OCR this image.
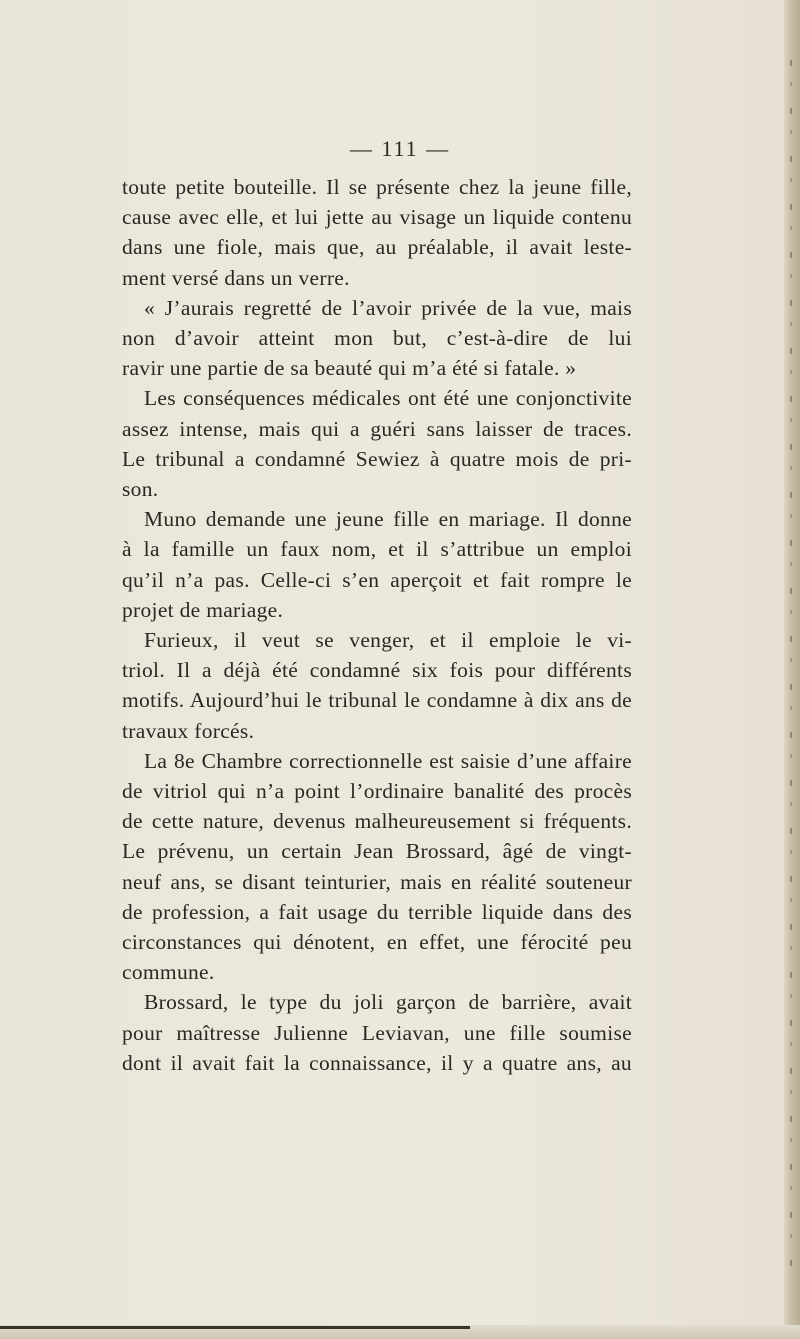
— 111 —

toute petite bouteille. Il se présente chez la jeune fille,
cause avec elle, et lui jette au visage un liquide contenu
dans une fiole, mais que, au préalable, il avait leste-
ment versé dans un verre.

« J’aurais regretté de l’avoir privée de la vue, mais
non d’avoir atteint mon but, c’est-à-dire de lui
ravir une partie de sa beauté qui m’a été si fatale. »

Les conséquences médicales ont été une conjonctivite
assez intense, mais qui a guéri sans laisser de traces.
Le tribunal a condamné Sewiez à quatre mois de pri-
son.

Muno demande une jeune fille en mariage. Il donne
à la famille un faux nom, et il s’attribue un emploi
qu’il n’a pas. Celle-ci s’en aperçoit et fait rompre le
projet de mariage.

Furieux, il veut se venger, et il emploie le vi-
triol. Il a déjà été condamné six fois pour différents
motifs. Aujourd’hui le tribunal le condamne à dix ans de
travaux forcés.

La 8e Chambre correctionnelle est saisie d’une affaire
de vitriol qui n’a point l’ordinaire banalité des procès
de cette nature, devenus malheureusement si fréquents.
Le prévenu, un certain Jean Brossard, âgé de vingt-
neuf ans, se disant teinturier, mais en réalité souteneur
de profession, a fait usage du terrible liquide dans des
circonstances qui dénotent, en effet, une férocité peu
commune.

Brossard, le type du joli garçon de barrière, avait
pour maîtresse Julienne Leviavan, une fille soumise
dont il avait fait la connaissance, il y a quatre ans, au
